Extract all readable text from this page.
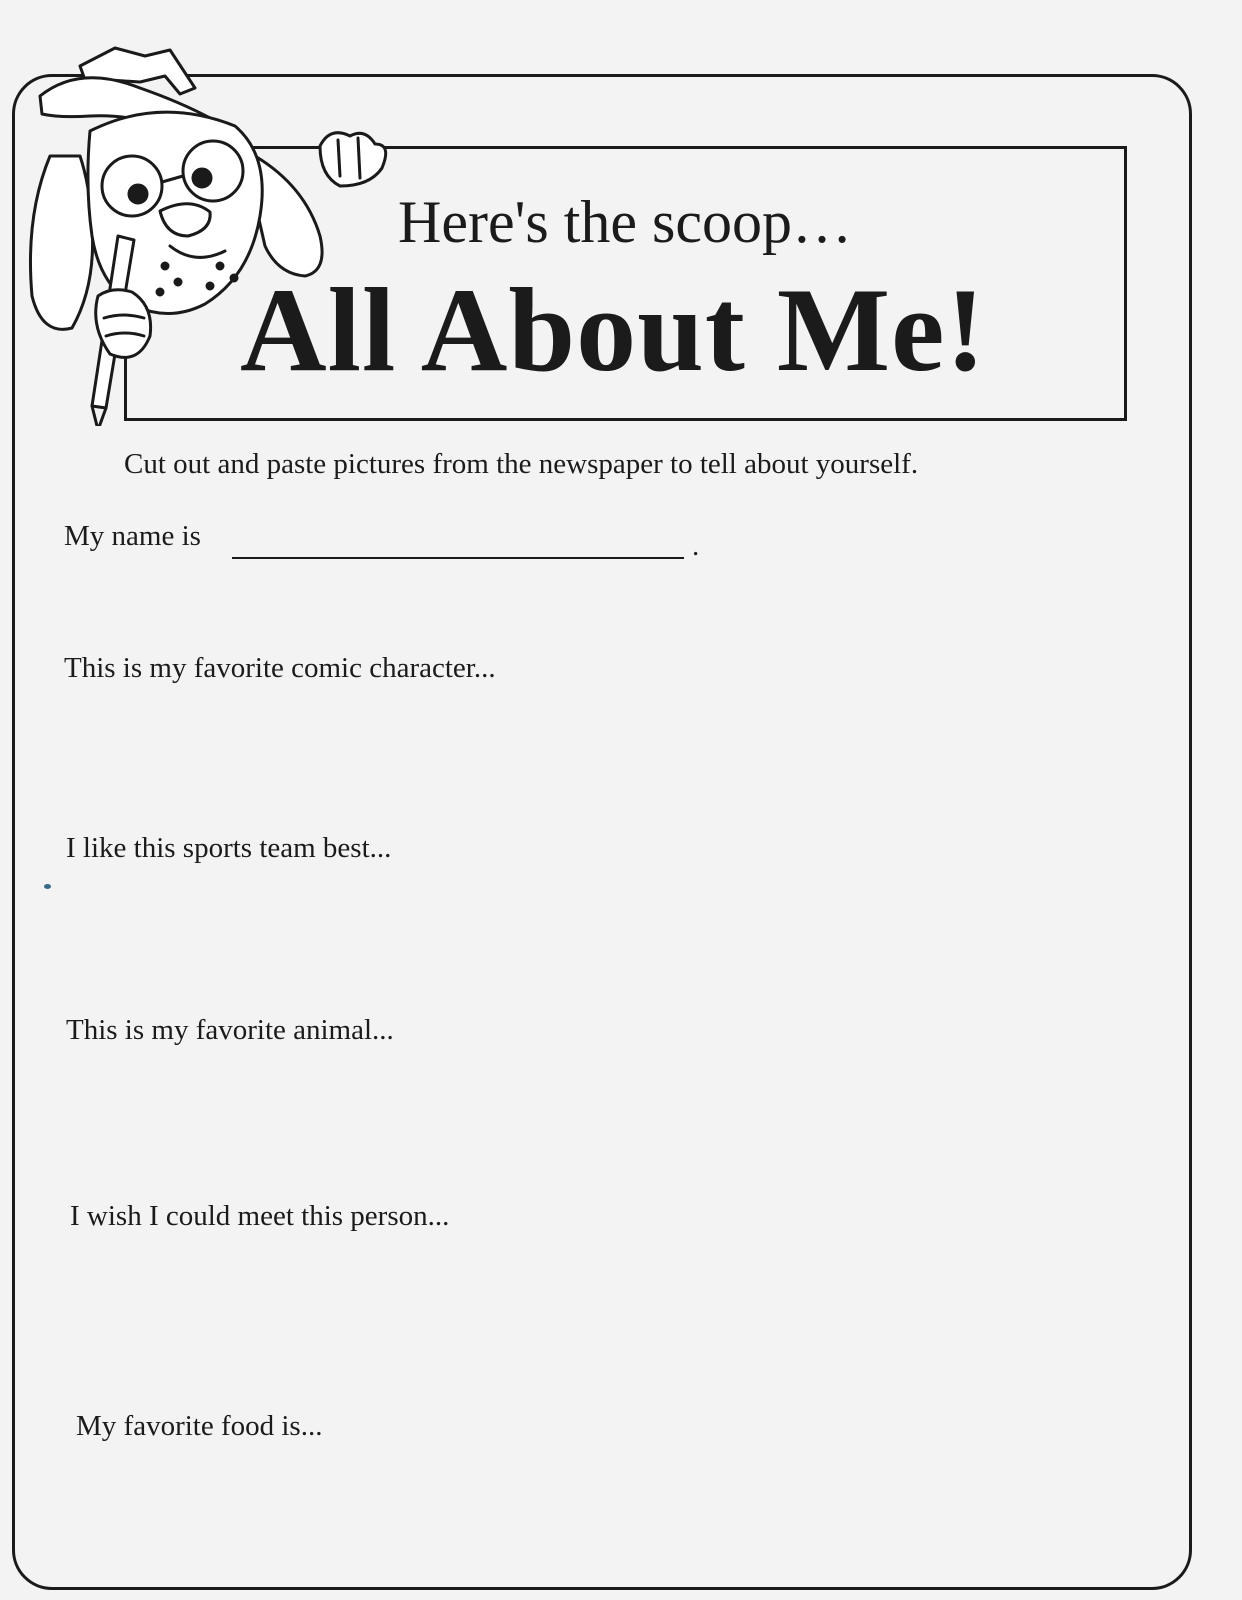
Here's the scoop…
All About Me!
Cut out and paste pictures from the newspaper to tell about yourself.
My name is	.
This is my favorite comic character...
I like this sports team best...
This is my favorite animal...
I wish I could meet this person...
My favorite food is...
